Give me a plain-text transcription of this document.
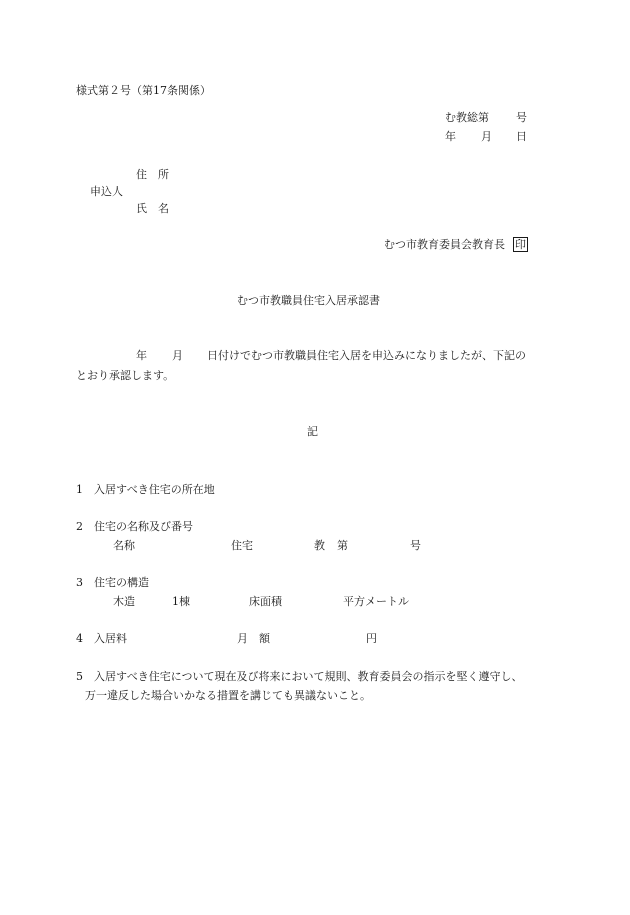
様式第２号（第17条関係）
む教総第 号
年 月 日
住　所
申込人
氏　名
むつ市教育委員会教育長 印
むつ市教職員住宅入居承認書
年 月 日付けでむつ市教職員住宅入居を申込みになりましたが、下記の
とおり承認します。
記
1 入居すべき住宅の所在地
2 住宅の名称及び番号
名称	住宅	教 第	号
3 住宅の構造
木造	1棟	床面積	平方メートル
4 入居料	月　額	円
5 入居すべき住宅について現在及び将来において規則、教育委員会の指示を堅く遵守し、
万一違反した場合いかなる措置を講じても異議ないこと。
